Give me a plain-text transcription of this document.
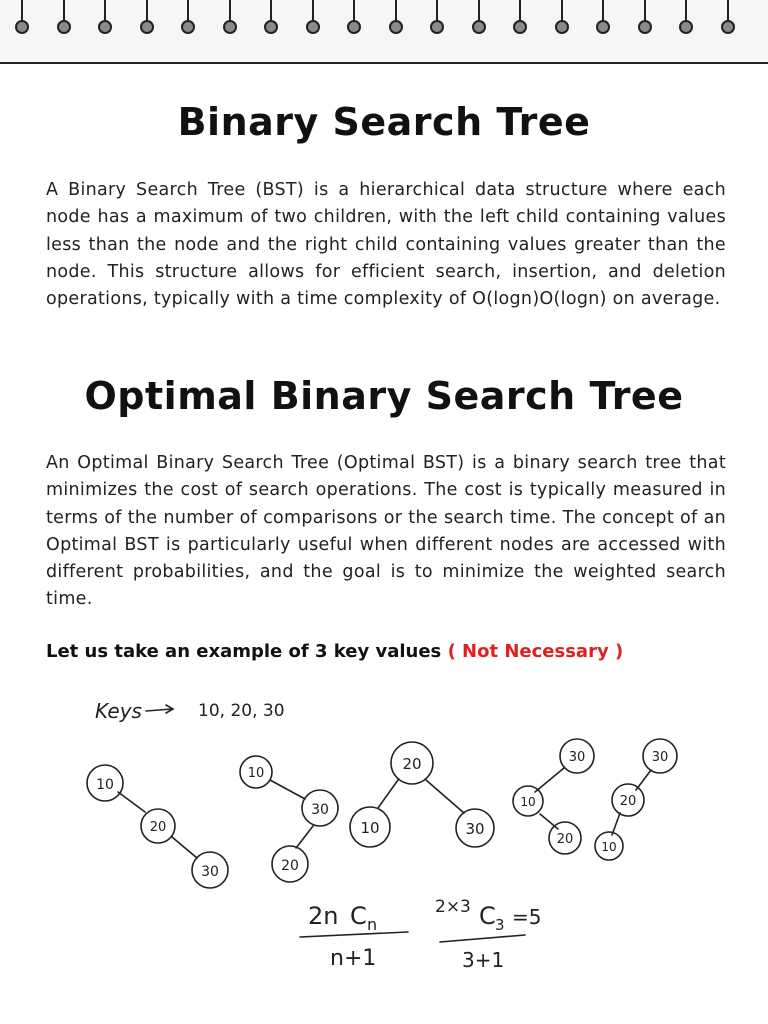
Binary Search Tree

A Binary Search Tree (BST) is a hierarchical data structure where each node has a maximum of two children, with the left child containing values less than the node and the right child containing values greater than the node. This structure allows for efficient search, insertion, and deletion operations, typically with a time complexity of O(logn)O(logn) on average.

Optimal Binary Search Tree

An Optimal Binary Search Tree (Optimal BST) is a binary search tree that minimizes the cost of search operations. The cost is typically measured in terms of the number of comparisons or the search time. The concept of an Optimal BST is particularly useful when different nodes are accessed with different probabilities, and the goal is to minimize the weighted search time.

Let us take an example of 3 key values ( Not Necessary )
Keys	10, 20, 30
10
20
30
10
30
20
20
10	30
30
10
20
30
20
10
2n C n
n+1
2×3 C 3 =5
3+1
